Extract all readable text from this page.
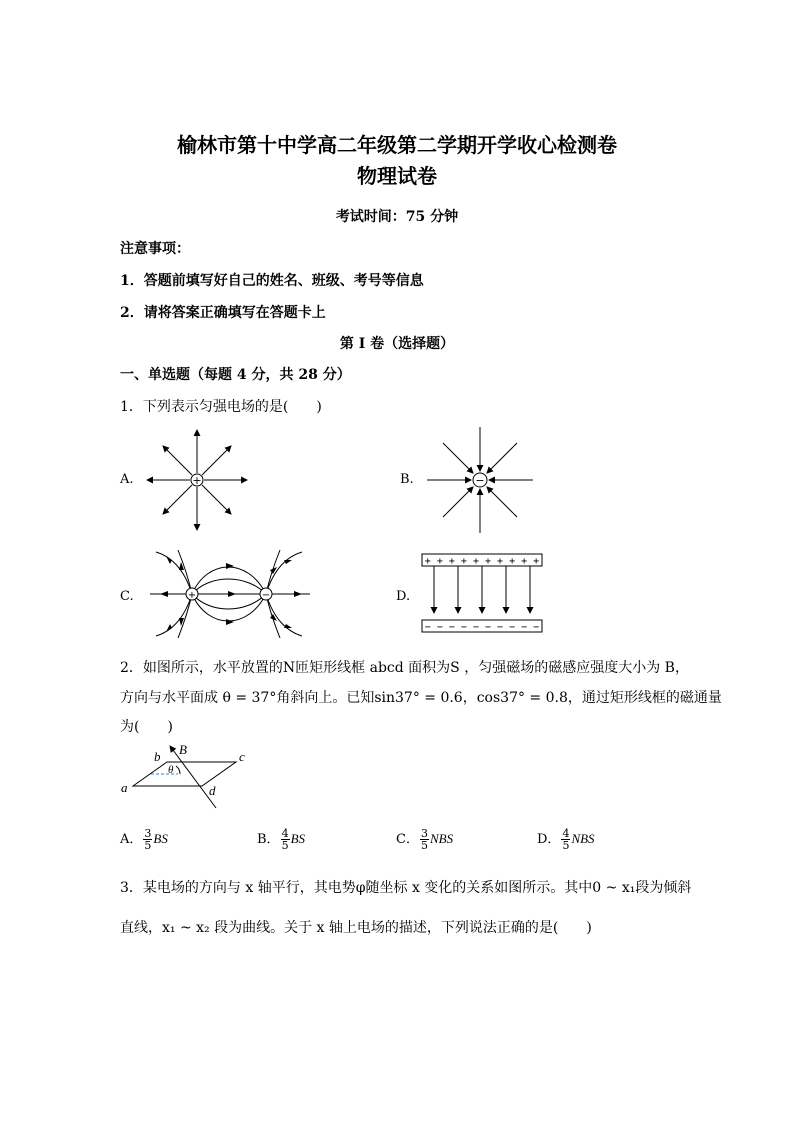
榆林市第十中学高二年级第二学期开学收心检测卷
物理试卷
考试时间：75 分钟
注意事项：
1．答题前填写好自己的姓名、班级、考号等信息
2．请将答案正确填写在答题卡上
第 I 卷（选择题）
一、单选题（每题 4 分，共 28 分）
1．下列表示匀强电场的是(　　)
A.	+	B.	−
C.	+	−	D.
+ + + + + + + + + +
− − − − − − − − − −
2．如图所示，水平放置的N匝矩形线框 abcd 面积为S ，匀强磁场的磁感应强度大小为 B，
方向与水平面成 θ = 37°角斜向上。已知sin37° = 0.6，cos37° = 0.8，通过矩形线框的磁通量
为(　　)
a
b	c
d
B
θ
A． $\frac{3}{5}$ BS	B． $\frac{4}{5}$ BS	C． $\frac{3}{5}$ NBS	D． $\frac{4}{5}$ NBS
3．某电场的方向与 x 轴平行，其电势φ随坐标 x 变化的关系如图所示。其中0 ~ x₁段为倾斜
直线，x₁ ~ x₂ 段为曲线。关于 x 轴上电场的描述，下列说法正确的是(　　)
